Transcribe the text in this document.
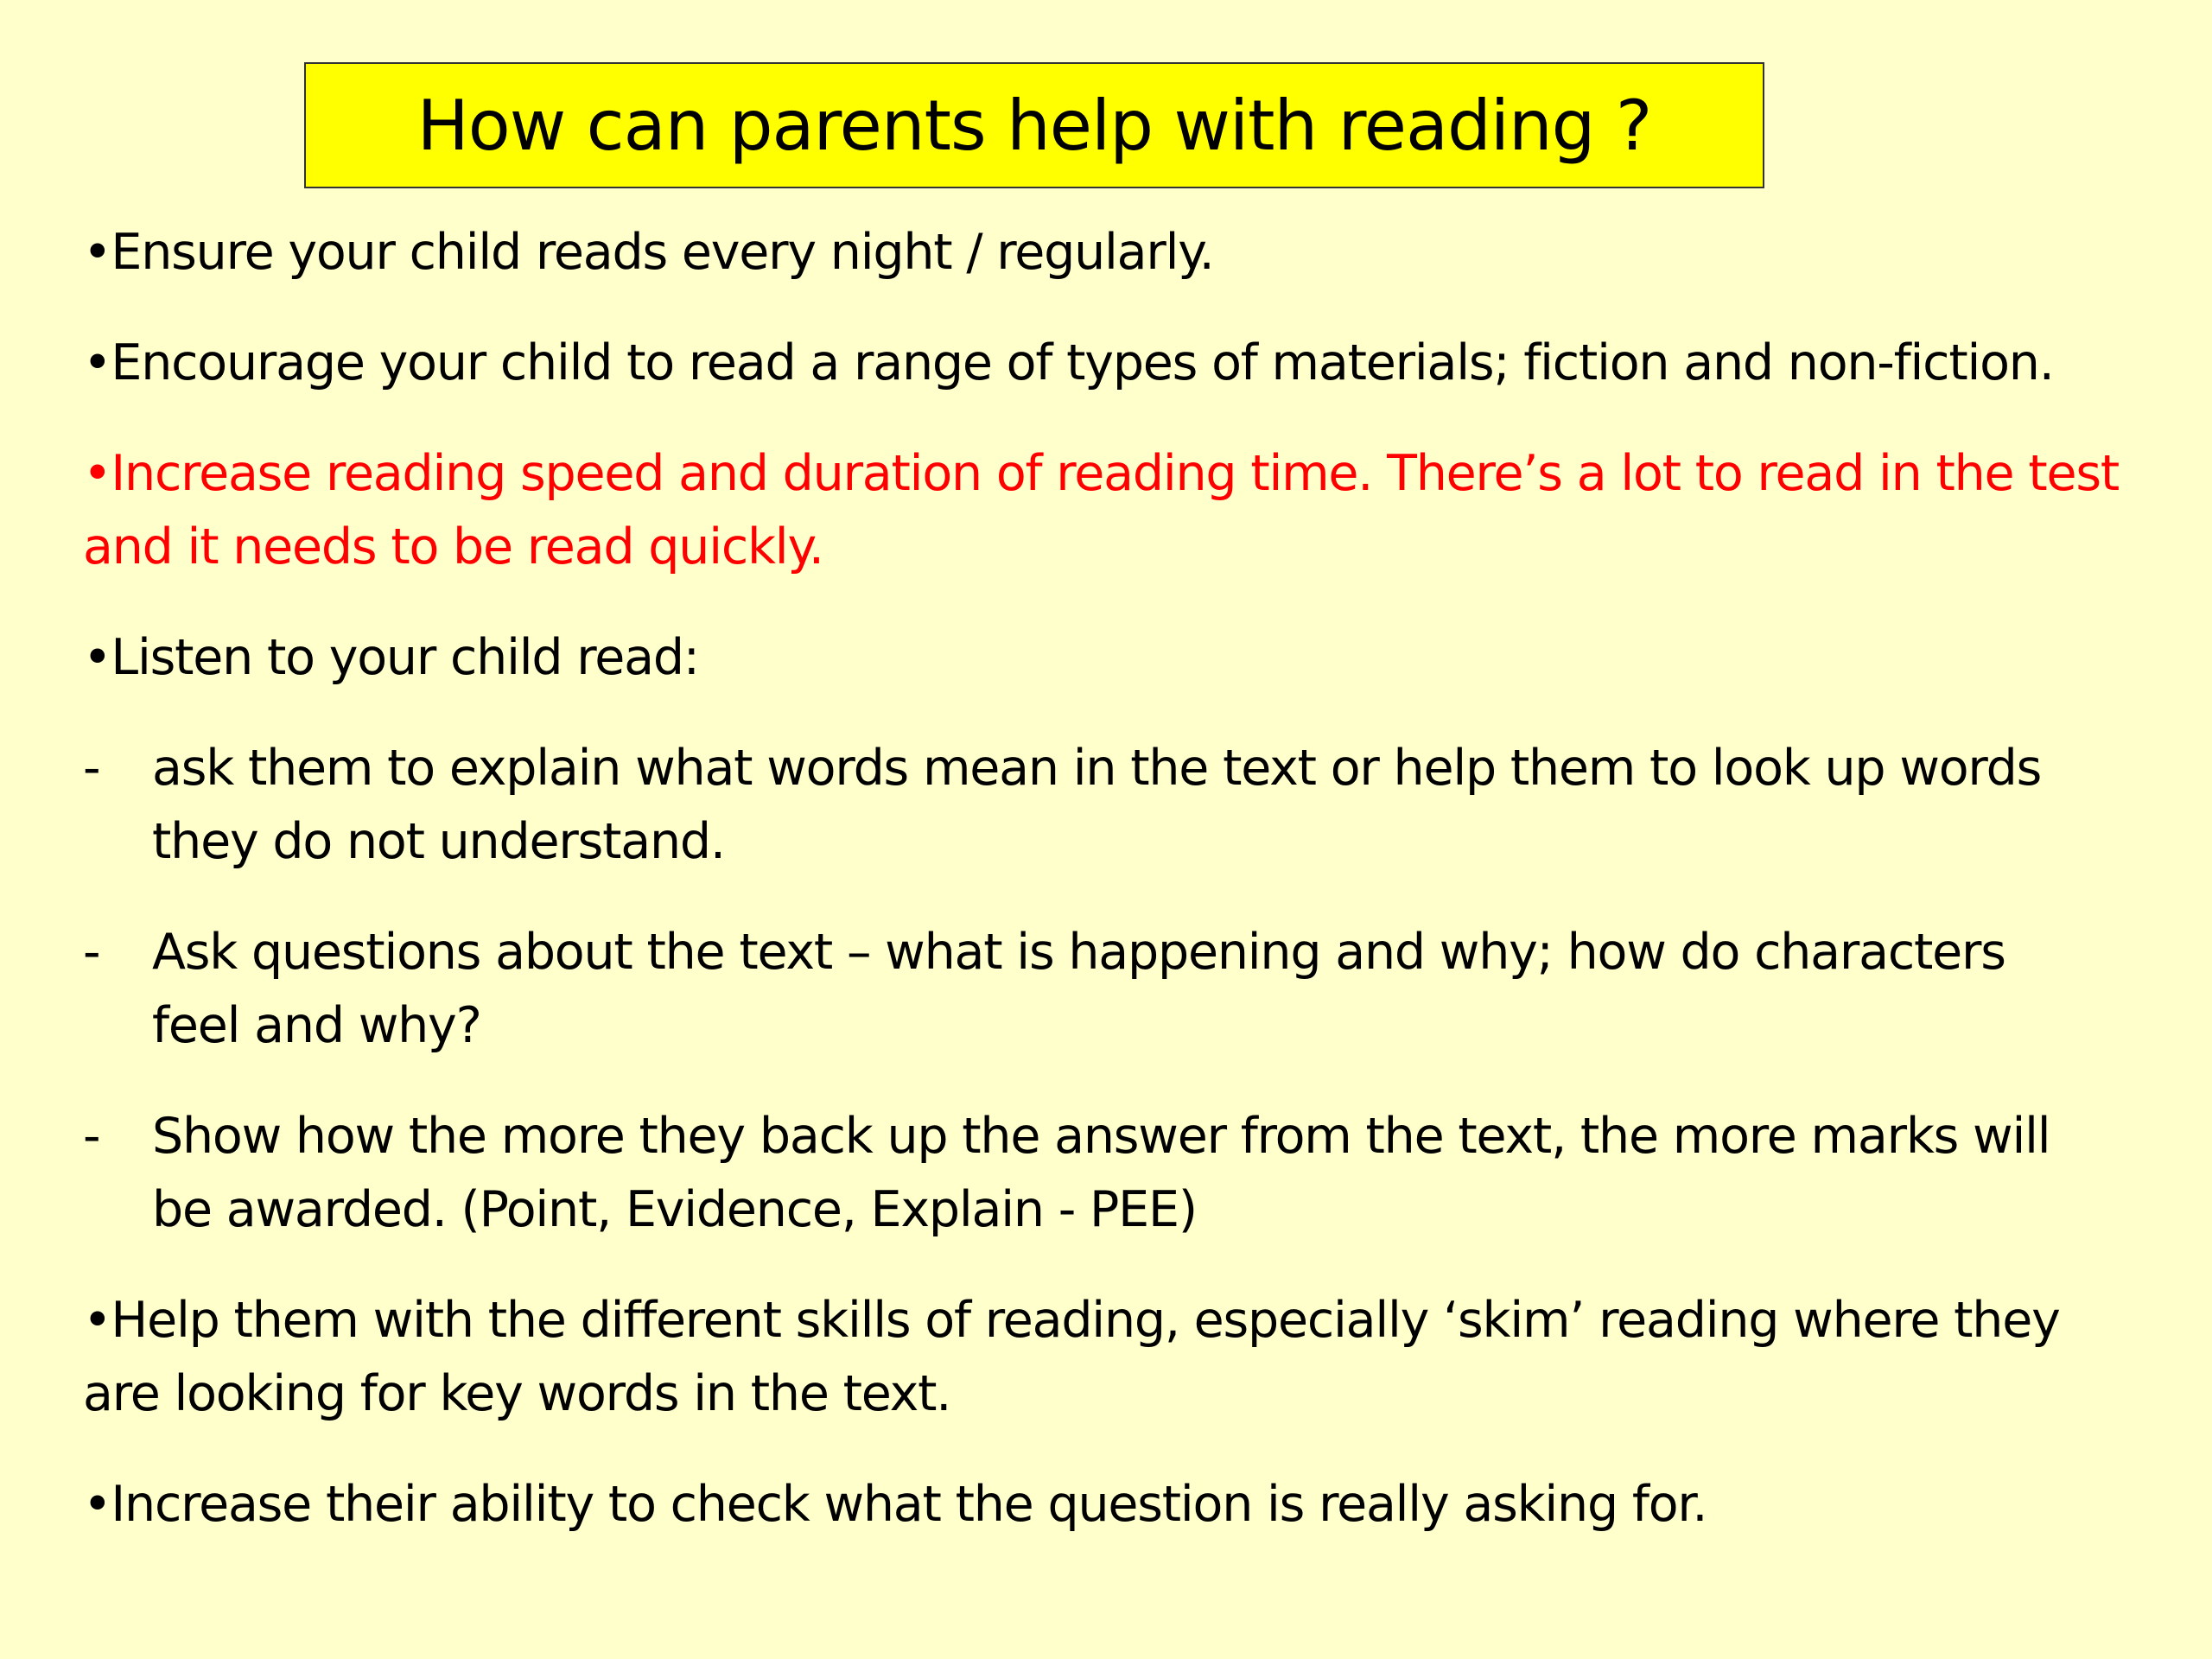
How can parents help with reading ?
•Ensure your child reads every night / regularly.
•Encourage your child to read a range of types of materials; fiction and non-fiction.
•Increase reading speed and duration of reading time. There’s a lot to read in the test and it needs to be read quickly.
•Listen to your child read:
-	ask them to explain what words mean in the text or help them to look up words they do not understand.
-	Ask questions about the text – what is happening and why; how do characters feel and why?
-	Show how the more they back up the answer from the text, the more marks will be awarded. (Point, Evidence, Explain - PEE)
•Help them with the different skills of reading, especially ‘skim’ reading where they are looking for key words in the text.
•Increase their ability to check what the question is really asking for.
